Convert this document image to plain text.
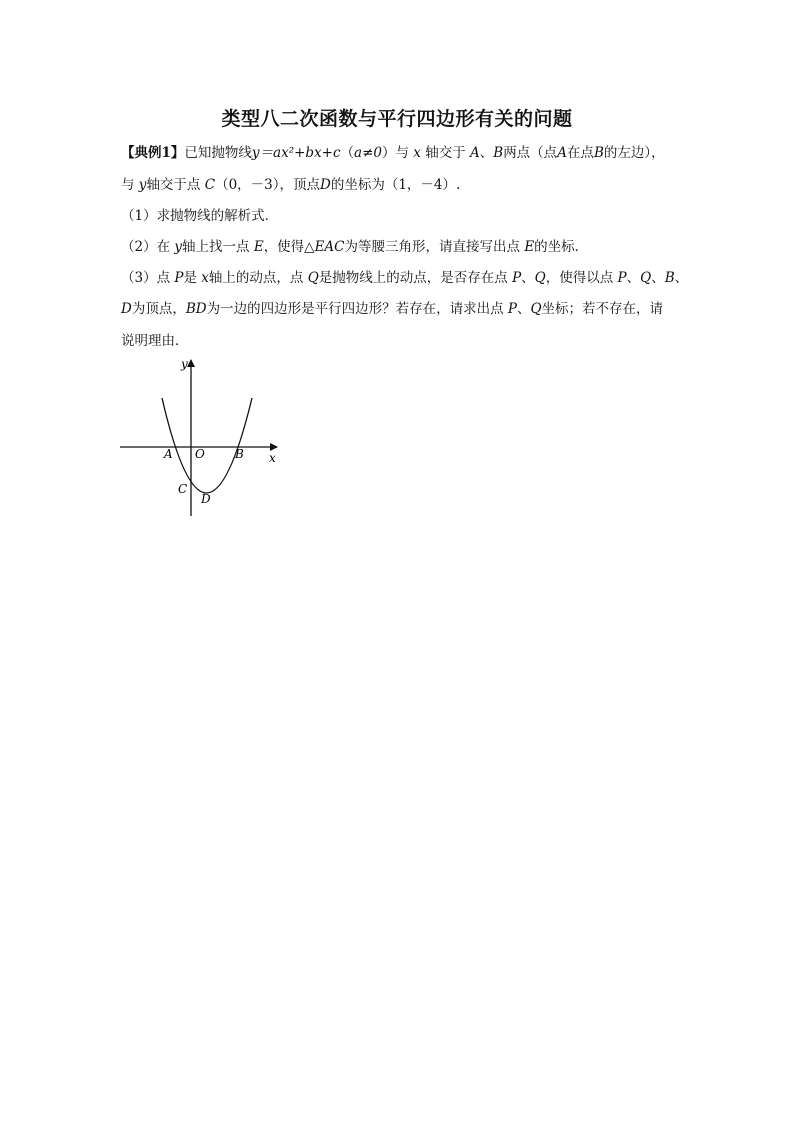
类型八二次函数与平行四边形有关的问题
【典例1】已知抛物线y＝ax²+bx+c（a≠0）与 x 轴交于 A、B两点（点A在点B的左边），
与 y轴交于点 C（0，－3），顶点D的坐标为（1，－4）.
（1）求抛物线的解析式．
（2）在 y轴上找一点 E，使得△EAC为等腰三角形，请直接写出点 E的坐标．
（3）点 P是 x轴上的动点，点 Q是抛物线上的动点，是否存在点 P、Q，使得以点 P、Q、B、
D为顶点，BD为一边的四边形是平行四边形？若存在，请求出点 P、Q坐标；若不存在，请
说明理由．
y
x
A O	B
C
D
